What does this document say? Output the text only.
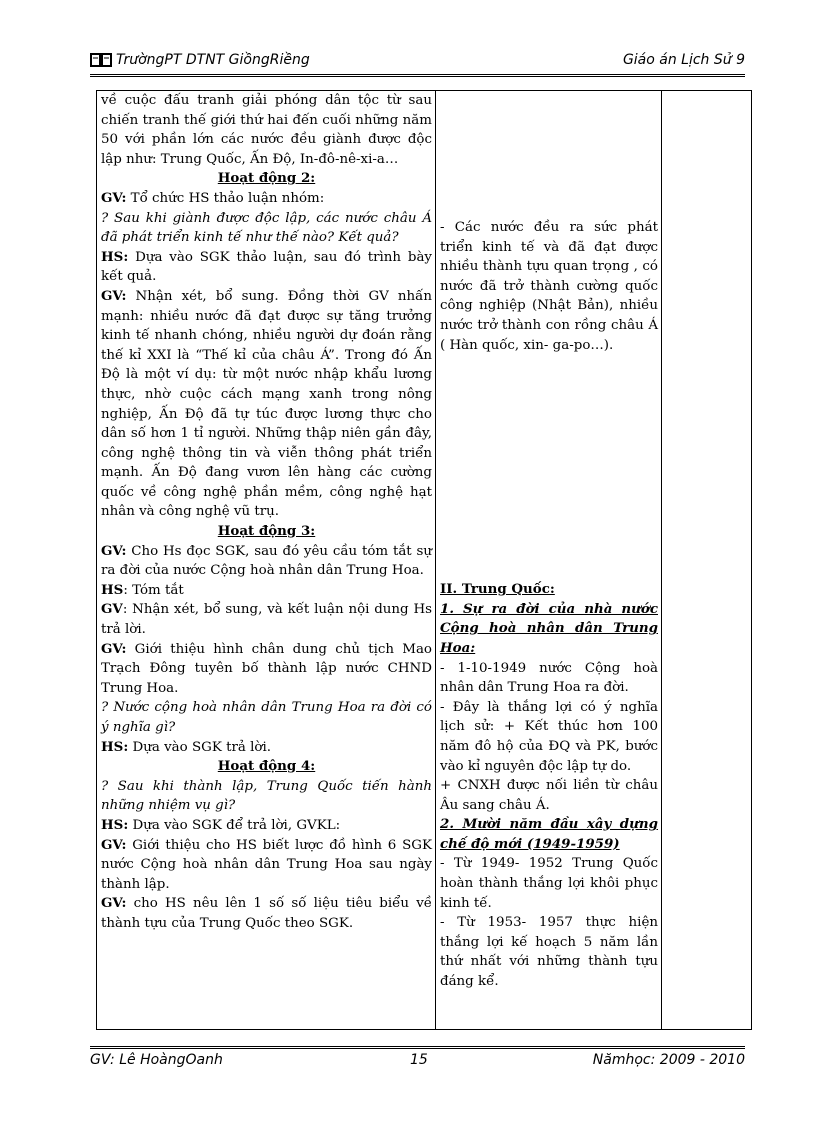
TrườngPT DTNT GiồngRiềng	Giáo án Lịch Sử 9

về cuộc đấu tranh giải phóng dân tộc từ sau chiến tranh thế giới thứ hai đến cuối những năm 50 với phần lớn các nước đều giành được độc lập như: Trung Quốc, Ấn Độ, In-đô-nê-xi-a…

Hoạt động 2:

GV: Tổ chức HS thảo luận nhóm:

? Sau khi giành được độc lập, các nước châu Á đã phát triển kinh tế như thế nào? Kết quả?

HS: Dựa vào SGK thảo luận, sau đó trình bày kết quả.

GV: Nhận xét, bổ sung. Đồng thời GV nhấn mạnh: nhiều nước đã đạt được sự tăng trưởng kinh tế nhanh chóng, nhiều người dự đoán rằng thế kỉ XXI là “Thế kỉ của châu Á”. Trong đó Ấn Độ là một ví dụ: từ một nước nhập khẩu lương thực, nhờ cuộc cách mạng xanh trong nông nghiệp, Ấn Độ đã tự túc được lương thực cho dân số hơn 1 tỉ người. Những thập niên gần đây, công nghệ thông tin và viễn thông phát triển mạnh. Ấn Độ đang vươn lên hàng các cường quốc về công nghệ phần mềm, công nghệ hạt nhân và công nghệ vũ trụ.

Hoạt động 3:

GV: Cho Hs đọc SGK, sau đó yêu cầu tóm tắt sự ra đời của nước Cộng hoà nhân dân Trung Hoa.

HS: Tóm tắt

GV: Nhận xét, bổ sung, và kết luận nội dung Hs trả lời.

GV: Giới thiệu hình chân dung chủ tịch Mao Trạch Đông tuyên bố thành lập nước CHND Trung Hoa.

? Nước cộng hoà nhân dân Trung Hoa ra đời có ý nghĩa gì?

HS: Dựa vào SGK trả lời.

Hoạt động 4:

? Sau khi thành lập, Trung Quốc tiến hành những nhiệm vụ gì?

HS: Dựa vào SGK để trả lời, GVKL:

GV: Giới thiệu cho HS biết lược đồ hình 6 SGK nước Cộng hoà nhân dân Trung Hoa sau ngày thành lập.

GV: cho HS nêu lên 1 số số liệu tiêu biểu về thành tựu của Trung Quốc theo SGK.

- Các nước đều ra sức phát triển kinh tế và đã đạt được nhiều thành tựu quan trọng , có nước đã trở thành cường quốc công nghiệp (Nhật Bản), nhiều nước trở thành con rồng châu Á ( Hàn quốc, xin- ga-po…).

II. Trung Quốc:

1. Sự ra đời của nhà nước Cộng hoà nhân dân Trung Hoa:

- 1-10-1949 nước Cộng hoà nhân dân Trung Hoa ra đời.

- Đây là thắng lợi có ý nghĩa lịch sử: + Kết thúc hơn 100 năm đô hộ của ĐQ và PK, bước vào kỉ nguyên độc lập tự do.

+ CNXH được nối liền từ châu Âu sang châu Á.

2. Mười năm đầu xây dựng chế độ mới (1949-1959)

- Từ 1949- 1952 Trung Quốc hoàn thành thắng lợi khôi phục kinh tế.

- Từ 1953- 1957 thực hiện thắng lợi kế hoạch 5 năm lần thứ nhất với những thành tựu đáng kể.

GV: Lê HoàngOanh	15	Nămhọc: 2009 - 2010
